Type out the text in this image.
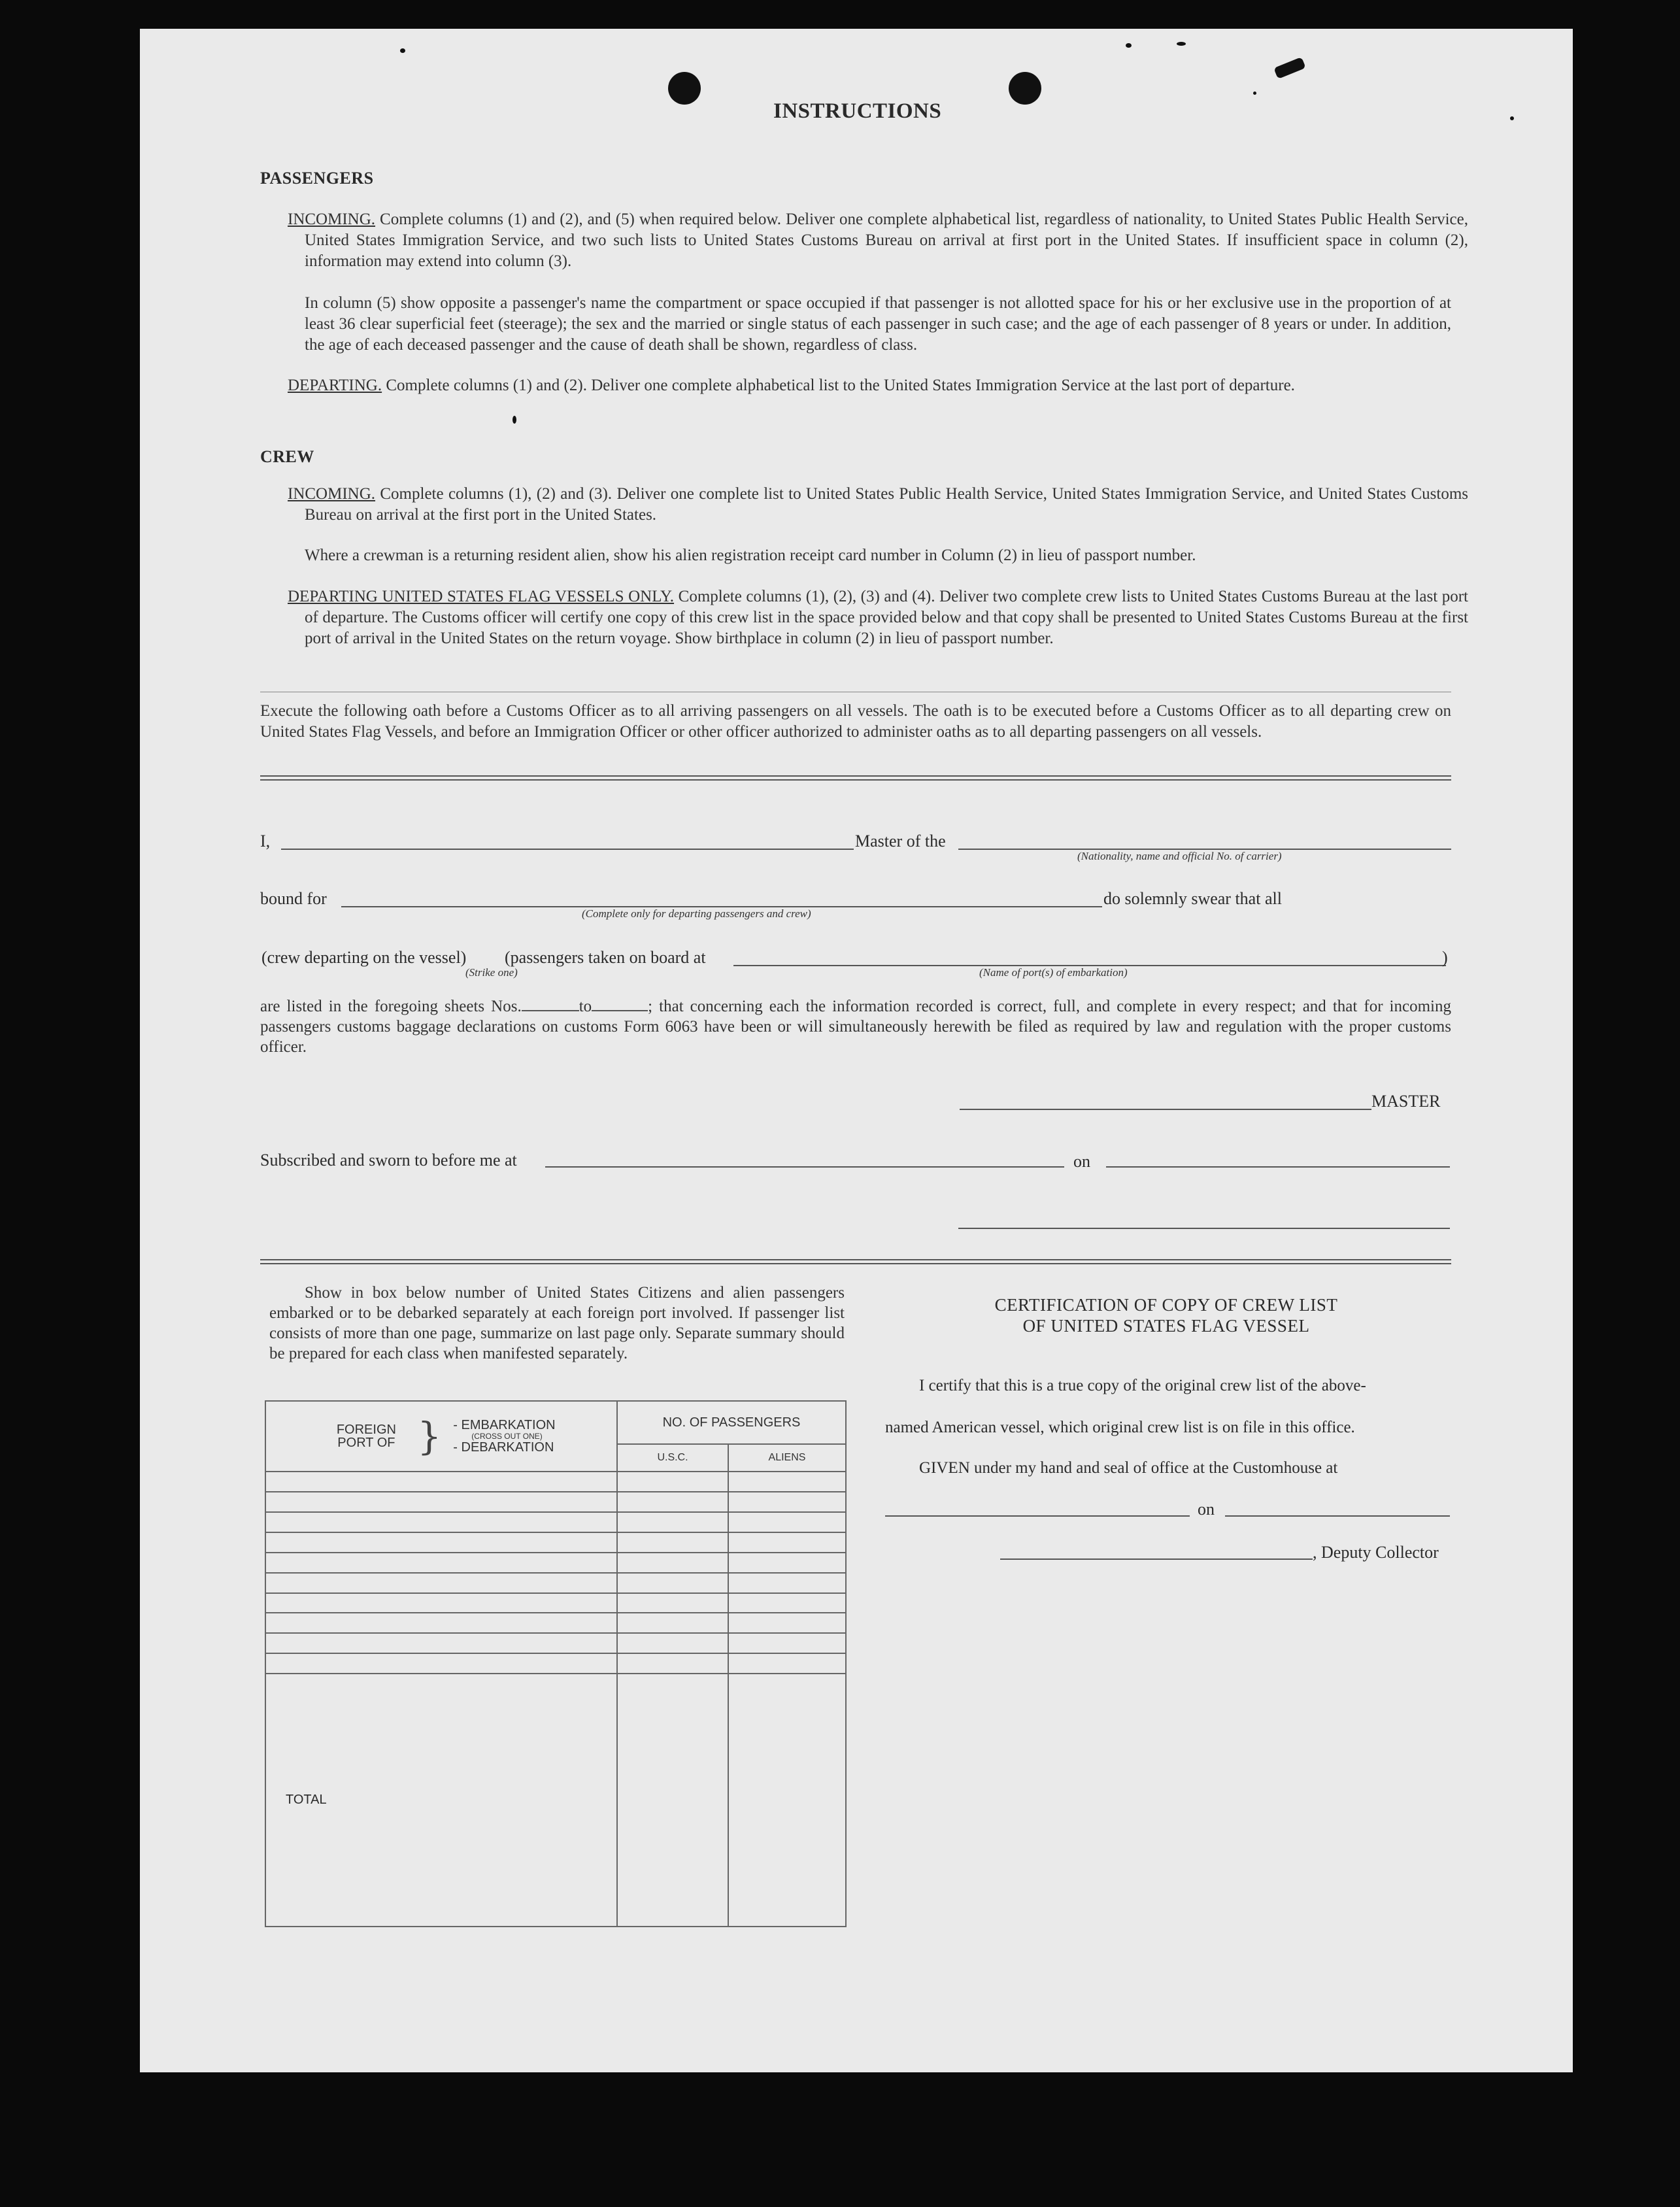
INSTRUCTIONS
PASSENGERS
INCOMING. Complete columns (1) and (2), and (5) when required below. Deliver one complete alphabetical list, regardless of nationality, to United States Public Health Service, United States Immigration Service, and two such lists to United States Customs Bureau on arrival at first port in the United States. If insufficient space in column (2), information may extend into column (3).
In column (5) show opposite a passenger's name the compartment or space occupied if that passenger is not allotted space for his or her exclusive use in the proportion of at least 36 clear superficial feet (steerage); the sex and the married or single status of each passenger in such case; and the age of each passenger of 8 years or under. In addition, the age of each deceased passenger and the cause of death shall be shown, regardless of class.
DEPARTING. Complete columns (1) and (2). Deliver one complete alphabetical list to the United States Immigration Service at the last port of departure.
CREW
INCOMING. Complete columns (1), (2) and (3). Deliver one complete list to United States Public Health Service, United States Immigration Service, and United States Customs Bureau on arrival at the first port in the United States.
Where a crewman is a returning resident alien, show his alien registration receipt card number in Column (2) in lieu of passport number.
DEPARTING UNITED STATES FLAG VESSELS ONLY. Complete columns (1), (2), (3) and (4). Deliver two complete crew lists to United States Customs Bureau at the last port of departure. The Customs officer will certify one copy of this crew list in the space provided below and that copy shall be presented to United States Customs Bureau at the first port of arrival in the United States on the return voyage. Show birthplace in column (2) in lieu of passport number.
Execute the following oath before a Customs Officer as to all arriving passengers on all vessels. The oath is to be executed before a Customs Officer as to all departing crew on United States Flag Vessels, and before an Immigration Officer or other officer authorized to administer oaths as to all departing passengers on all vessels.
I,	Master of the
(Nationality, name and official No. of carrier)
bound for
(Complete only for departing passengers and crew)
do solemnly swear that all
(crew departing on the vessel)
(Strike one)
(passengers taken on board at
(Name of port(s) of embarkation)
)
are listed in the foregoing sheets Nos.	to	; that concerning each the information recorded is correct, full, and complete in every respect; and that for incoming passengers customs baggage declarations on customs Form 6063 have been or will simultaneously herewith be filed as required by law and regulation with the proper customs officer.
MASTER
Subscribed and sworn to before me at	on
Show in box below number of United States Citizens and alien passengers embarked or to be debarked separately at each foreign port involved. If passenger list consists of more than one page, summarize on last page only. Separate summary should be prepared for each class when manifested separately.
FOREIGN PORT OF } - EMBARKATION
(CROSS OUT ONE)
- DEBARKATION	NO. OF PASSENGERS	
	U.S.C.	ALIENS

TOTAL		
CERTIFICATION OF COPY OF CREW LIST
OF UNITED STATES FLAG VESSEL
I certify that this is a true copy of the original crew list of the above-
named American vessel, which original crew list is on file in this office.
GIVEN under my hand and seal of office at the Customhouse at
on
, Deputy Collector
